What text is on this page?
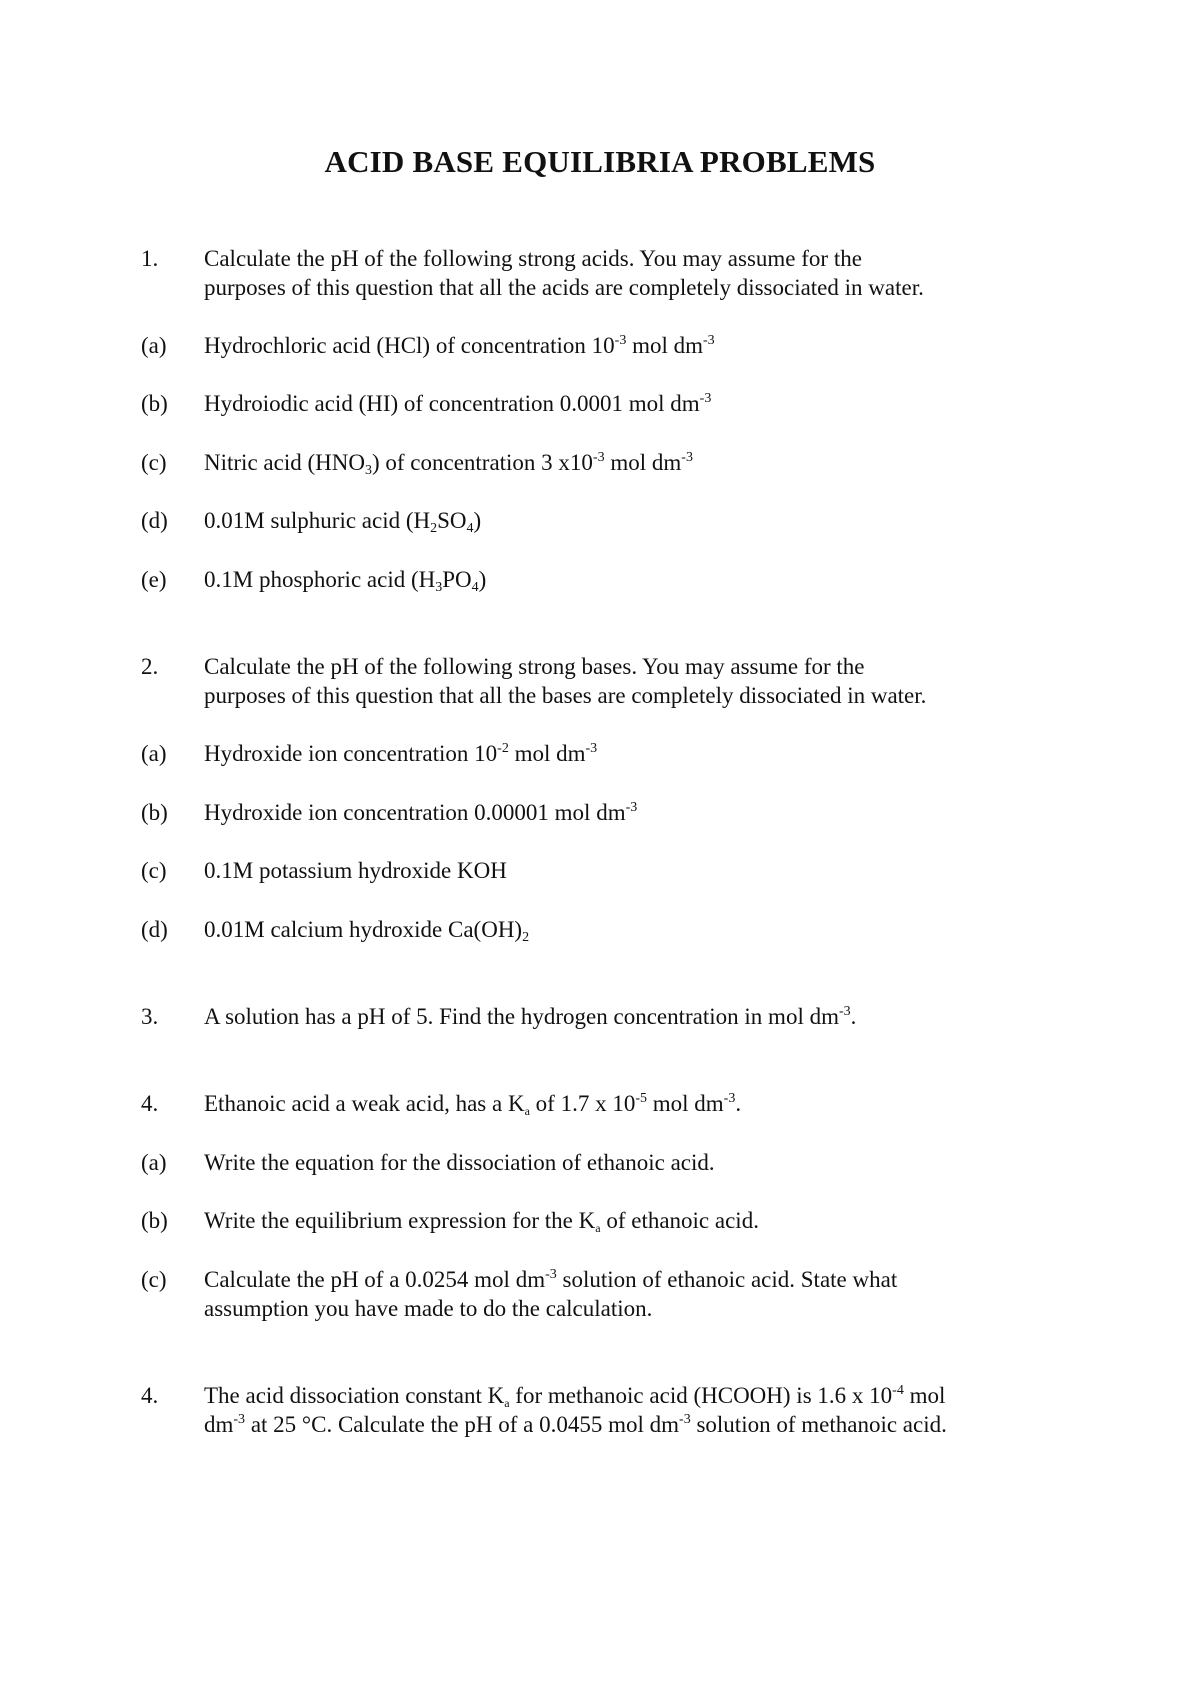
ACID BASE EQUILIBRIA PROBLEMS
1.	Calculate the pH of the following strong acids. You may assume for the
purposes of this question that all the acids are completely dissociated in water.
(a)	Hydrochloric acid (HCl) of concentration $10^{-3}$ mol $dm^{-3}$
(b)	Hydroiodic acid (HI) of concentration 0.0001 mol $dm^{-3}$
(c)	Nitric acid $(HNO_3)$ of concentration 3 $x10^{-3}$ mol $dm^{-3}$
(d)	0.01M sulphuric acid $(H_2SO_4)$
(e)	0.1M phosphoric acid $(H_3PO_4)$
2.	Calculate the pH of the following strong bases. You may assume for the
purposes of this question that all the bases are completely dissociated in water.
(a)	Hydroxide ion concentration $10^{-2}$ mol $dm^{-3}$
(b)	Hydroxide ion concentration 0.00001 mol $dm^{-3}$
(c)	0.1M potassium hydroxide KOH
(d)	0.01M calcium hydroxide $Ca(OH)_2$
3.	A solution has a pH of 5. Find the hydrogen concentration in mol $dm^{-3}$.
4.	Ethanoic acid a weak acid, has a $K_a$ of 1.7 x $10^{-5}$ mol $dm^{-3}$.
(a)	Write the equation for the dissociation of ethanoic acid.
(b)	Write the equilibrium expression for the $K_a$ of ethanoic acid.
(c)	Calculate the pH of a 0.0254 mol $dm^{-3}$ solution of ethanoic acid. State what
assumption you have made to do the calculation.
4.	The acid dissociation constant $K_a$ for methanoic acid (HCOOH) is 1.6 x $10^{-4}$ mol
$dm^{-3}$ at 25 °C. Calculate the pH of a 0.0455 mol $dm^{-3}$ solution of methanoic acid.
